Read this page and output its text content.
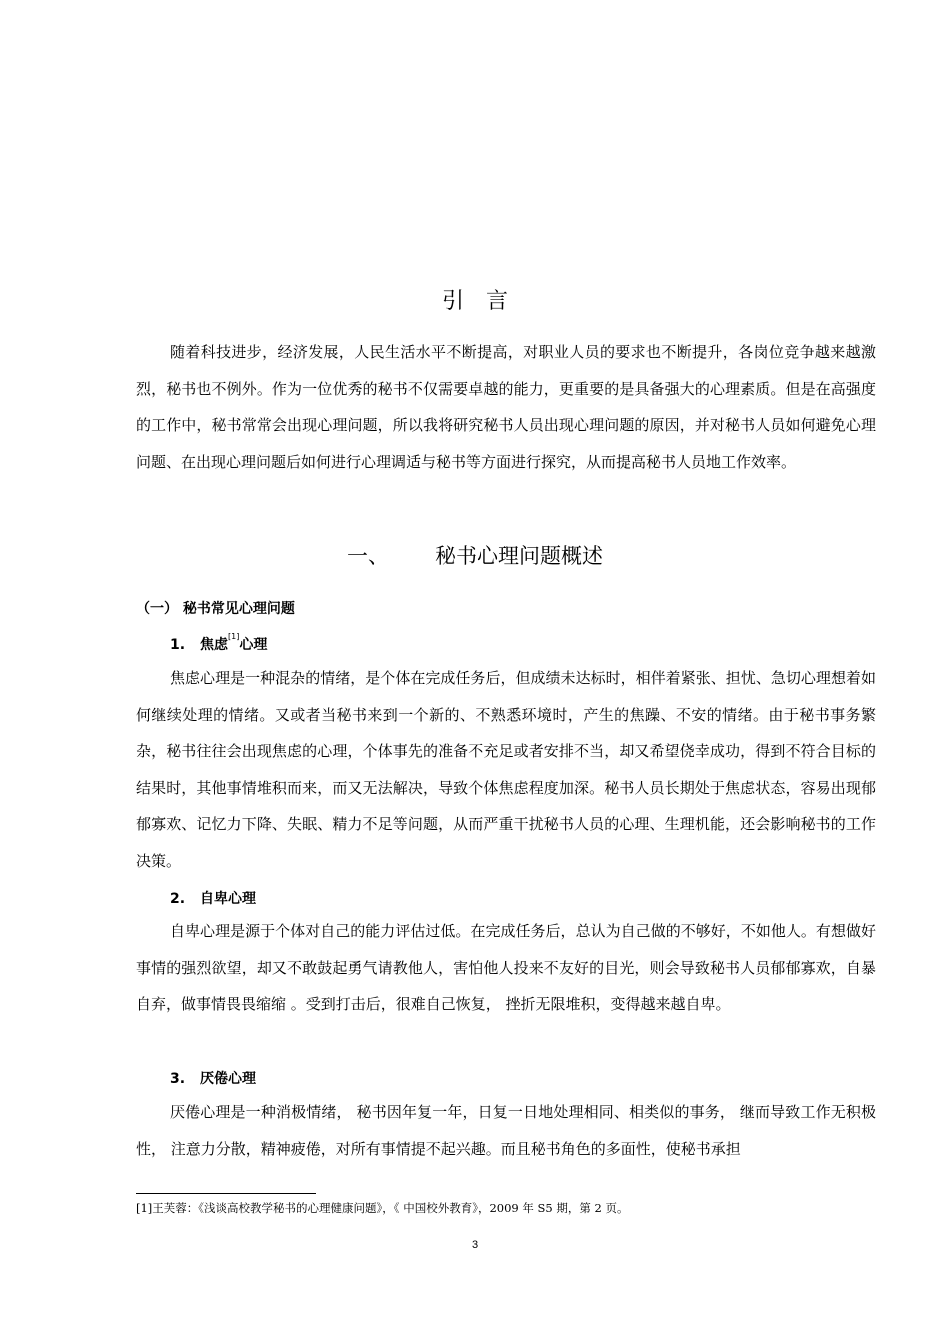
引言

随着科技进步，经济发展，人民生活水平不断提高，对职业人员的要求也不断提升，各岗位竞争越来越激烈，秘书也不例外。作为一位优秀的秘书不仅需要卓越的能力，更重要的是具备强大的心理素质。但是在高强度的工作中，秘书常常会出现心理问题，所以我将研究秘书人员出现心理问题的原因，并对秘书人员如何避免心理问题、在出现心理问题后如何进行心理调适与秘书等方面进行探究，从而提高秘书人员地工作效率。

一、 秘书心理问题概述
（一） 秘书常见心理问题
1. 焦虑[1]心理

焦虑心理是一种混杂的情绪，是个体在完成任务后，但成绩未达标时，相伴着紧张、担忧、急切心理想着如何继续处理的情绪。又或者当秘书来到一个新的、不熟悉环境时，产生的焦躁、不安的情绪。由于秘书事务繁杂，秘书往往会出现焦虑的心理，个体事先的准备不充足或者安排不当，却又希望侥幸成功，得到不符合目标的结果时，其他事情堆积而来，而又无法解决，导致个体焦虑程度加深。秘书人员长期处于焦虑状态，容易出现郁郁寡欢、记忆力下降、失眠、精力不足等问题，从而严重干扰秘书人员的心理、生理机能，还会影响秘书的工作决策。

2. 自卑心理

自卑心理是源于个体对自己的能力评估过低。在完成任务后，总认为自己做的不够好，不如他人。有想做好事情的强烈欲望，却又不敢鼓起勇气请教他人，害怕他人投来不友好的目光，则会导致秘书人员郁郁寡欢，自暴自弃，做事情畏畏缩缩 。受到打击后，很难自己恢复， 挫折无限堆积，变得越来越自卑。

3. 厌倦心理

厌倦心理是一种消极情绪， 秘书因年复一年，日复一日地处理相同、相类似的事务， 继而导致工作无积极性， 注意力分散，精神疲倦，对所有事情提不起兴趣。而且秘书角色的多面性，使秘书承担

[1]王芙蓉：《浅谈高校教学秘书的心理健康问题》，《 中国校外教育》，2009 年 S5 期，第 2 页。
3
